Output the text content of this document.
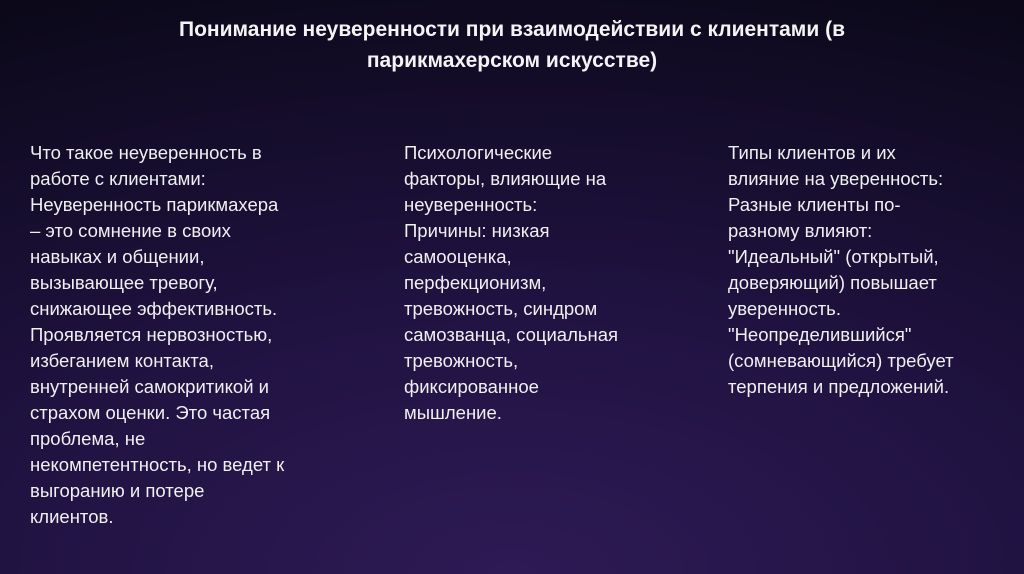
Понимание неуверенности при взаимодействии с клиентами (в
парикмахерском искусстве)
Что такое неуверенность в
работе с клиентами:
Неуверенность парикмахера
– это сомнение в своих
навыках и общении,
вызывающее тревогу,
снижающее эффективность.
Проявляется нервозностью,
избеганием контакта,
внутренней самокритикой и
страхом оценки. Это частая
проблема, не
некомпетентность, но ведет к
выгоранию и потере
клиентов.
Психологические
факторы, влияющие на
неуверенность:
Причины: низкая
самооценка,
перфекционизм,
тревожность, синдром
самозванца, социальная
тревожность,
фиксированное
мышление.
Типы клиентов и их
влияние на уверенность:
Разные клиенты по-
разному влияют:
"Идеальный" (открытый,
доверяющий) повышает
уверенность.
"Неопределившийся"
(сомневающийся) требует
терпения и предложений.
